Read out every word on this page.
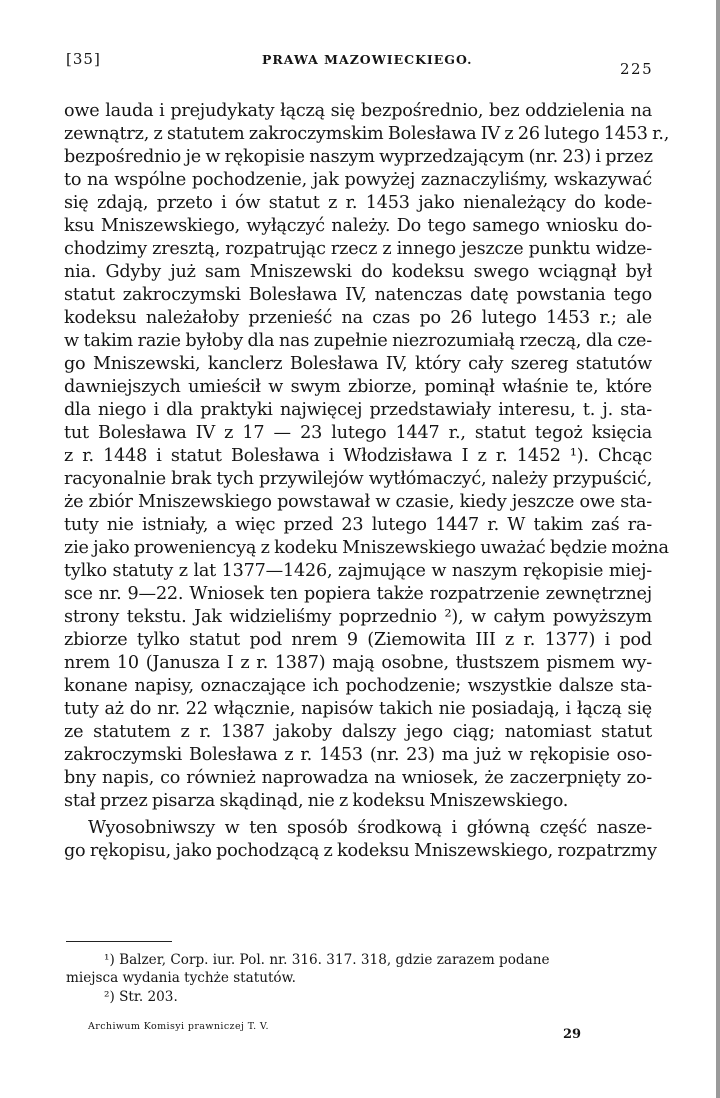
[35]	PRAWA MAZOWIECKIEGO.
225
owe lauda i prejudykaty łączą się bezpośrednio, bez oddzielenia na
zewnątrz, z statutem zakroczymskim Bolesława IV z 26 lutego 1453 r.,
bezpośrednio je w rękopisie naszym wyprzedzającym (nr. 23) i przez
to na wspólne pochodzenie, jak powyżej zaznaczyliśmy, wskazywać
się zdają, przeto i ów statut z r. 1453 jako nienależący do kode-
ksu Mniszewskiego, wyłączyć należy. Do tego samego wniosku do-
chodzimy zresztą, rozpatrując rzecz z innego jeszcze punktu widze-
nia. Gdyby już sam Mniszewski do kodeksu swego wciągnął był
statut zakroczymski Bolesława IV, natenczas datę powstania tego
kodeksu należałoby przenieść na czas po 26 lutego 1453 r.; ale
w takim razie byłoby dla nas zupełnie niezrozumiałą rzeczą, dla cze-
go Mniszewski, kanclerz Bolesława IV, który cały szereg statutów
dawniejszych umieścił w swym zbiorze, pominął właśnie te, które
dla niego i dla praktyki najwięcej przedstawiały interesu, t. j. sta-
tut Bolesława IV z 17 — 23 lutego 1447 r., statut tegoż księcia
z r. 1448 i statut Bolesława i Włodzisława I z r. 1452 ¹). Chcąc
racyonalnie brak tych przywilejów wytłómaczyć, należy przypuścić,
że zbiór Mniszewskiego powstawał w czasie, kiedy jeszcze owe sta-
tuty nie istniały, a więc przed 23 lutego 1447 r. W takim zaś ra-
zie jako proweniencyą z kodeku Mniszewskiego uważać będzie można
tylko statuty z lat 1377—1426, zajmujące w naszym rękopisie miej-
sce nr. 9—22. Wniosek ten popiera także rozpatrzenie zewnętrznej
strony tekstu. Jak widzieliśmy poprzednio ²), w całym powyższym
zbiorze tylko statut pod nrem 9 (Ziemowita III z r. 1377) i pod
nrem 10 (Janusza I z r. 1387) mają osobne, tłustszem pismem wy-
konane napisy, oznaczające ich pochodzenie; wszystkie dalsze sta-
tuty aż do nr. 22 włącznie, napisów takich nie posiadają, i łączą się
ze statutem z r. 1387 jakoby dalszy jego ciąg; natomiast statut
zakroczymski Bolesława z r. 1453 (nr. 23) ma już w rękopisie oso-
bny napis, co również naprowadza na wniosek, że zaczerpnięty zo-
stał przez pisarza skądinąd, nie z kodeksu Mniszewskiego.
Wyosobniwszy w ten sposób środkową i główną część nasze-
go rękopisu, jako pochodzącą z kodeksu Mniszewskiego, rozpatrzmy
¹) Balzer, Corp. iur. Pol. nr. 316. 317. 318, gdzie zarazem podane
miejsca wydania tychże statutów.
²) Str. 203.
Archiwum Komisyi prawniczej T. V.
29
